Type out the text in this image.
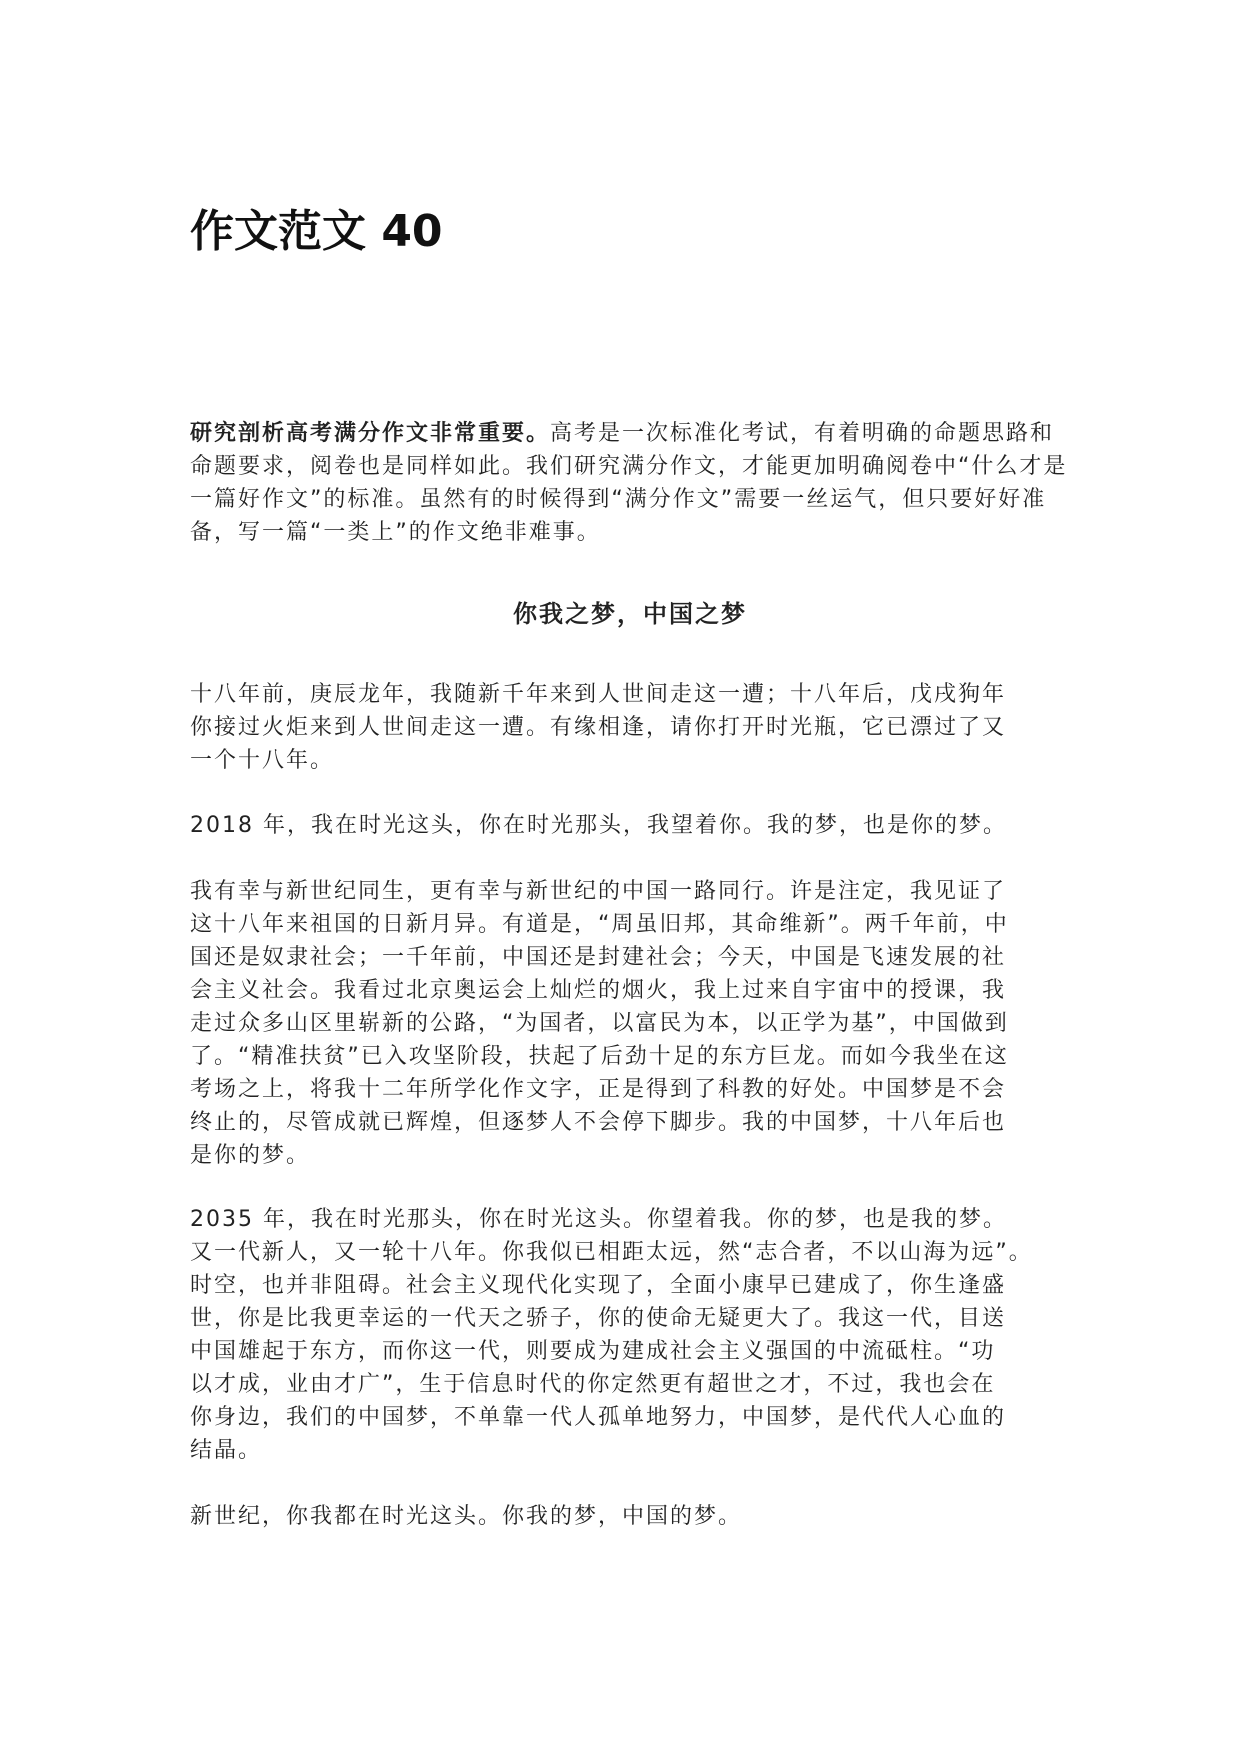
作文范文 40

研究剖析高考满分作文非常重要。高考是一次标准化考试，有着明确的命题思路和命题要求，阅卷也是同样如此。我们研究满分作文，才能更加明确阅卷中“什么才是一篇好作文”的标准。虽然有的时候得到“满分作文”需要一丝运气，但只要好好准备，写一篇“一类上”的作文绝非难事。

你我之梦，中国之梦
十八年前，庚辰龙年，我随新千年来到人世间走这一遭；十八年后，戊戌狗年
你接过火炬来到人世间走这一遭。有缘相逢，请你打开时光瓶，它已漂过了又
一个十八年。
2018 年，我在时光这头，你在时光那头，我望着你。我的梦，也是你的梦。
我有幸与新世纪同生，更有幸与新世纪的中国一路同行。许是注定，我见证了
这十八年来祖国的日新月异。有道是，“周虽旧邦，其命维新”。两千年前，中
国还是奴隶社会；一千年前，中国还是封建社会；今天，中国是飞速发展的社
会主义社会。我看过北京奥运会上灿烂的烟火，我上过来自宇宙中的授课，我
走过众多山区里崭新的公路，“为国者，以富民为本，以正学为基”，中国做到
了。“精准扶贫”已入攻坚阶段，扶起了后劲十足的东方巨龙。而如今我坐在这
考场之上，将我十二年所学化作文字，正是得到了科教的好处。中国梦是不会
终止的，尽管成就已辉煌，但逐梦人不会停下脚步。我的中国梦，十八年后也
是你的梦。
2035 年，我在时光那头，你在时光这头。你望着我。你的梦，也是我的梦。
又一代新人，又一轮十八年。你我似已相距太远，然“志合者，不以山海为远”。
时空，也并非阻碍。社会主义现代化实现了，全面小康早已建成了，你生逢盛
世，你是比我更幸运的一代天之骄子，你的使命无疑更大了。我这一代，目送
中国雄起于东方，而你这一代，则要成为建成社会主义强国的中流砥柱。“功
以才成，业由才广”，生于信息时代的你定然更有超世之才，不过，我也会在
你身边，我们的中国梦，不单靠一代人孤单地努力，中国梦，是代代人心血的
结晶。
新世纪，你我都在时光这头。你我的梦，中国的梦。
